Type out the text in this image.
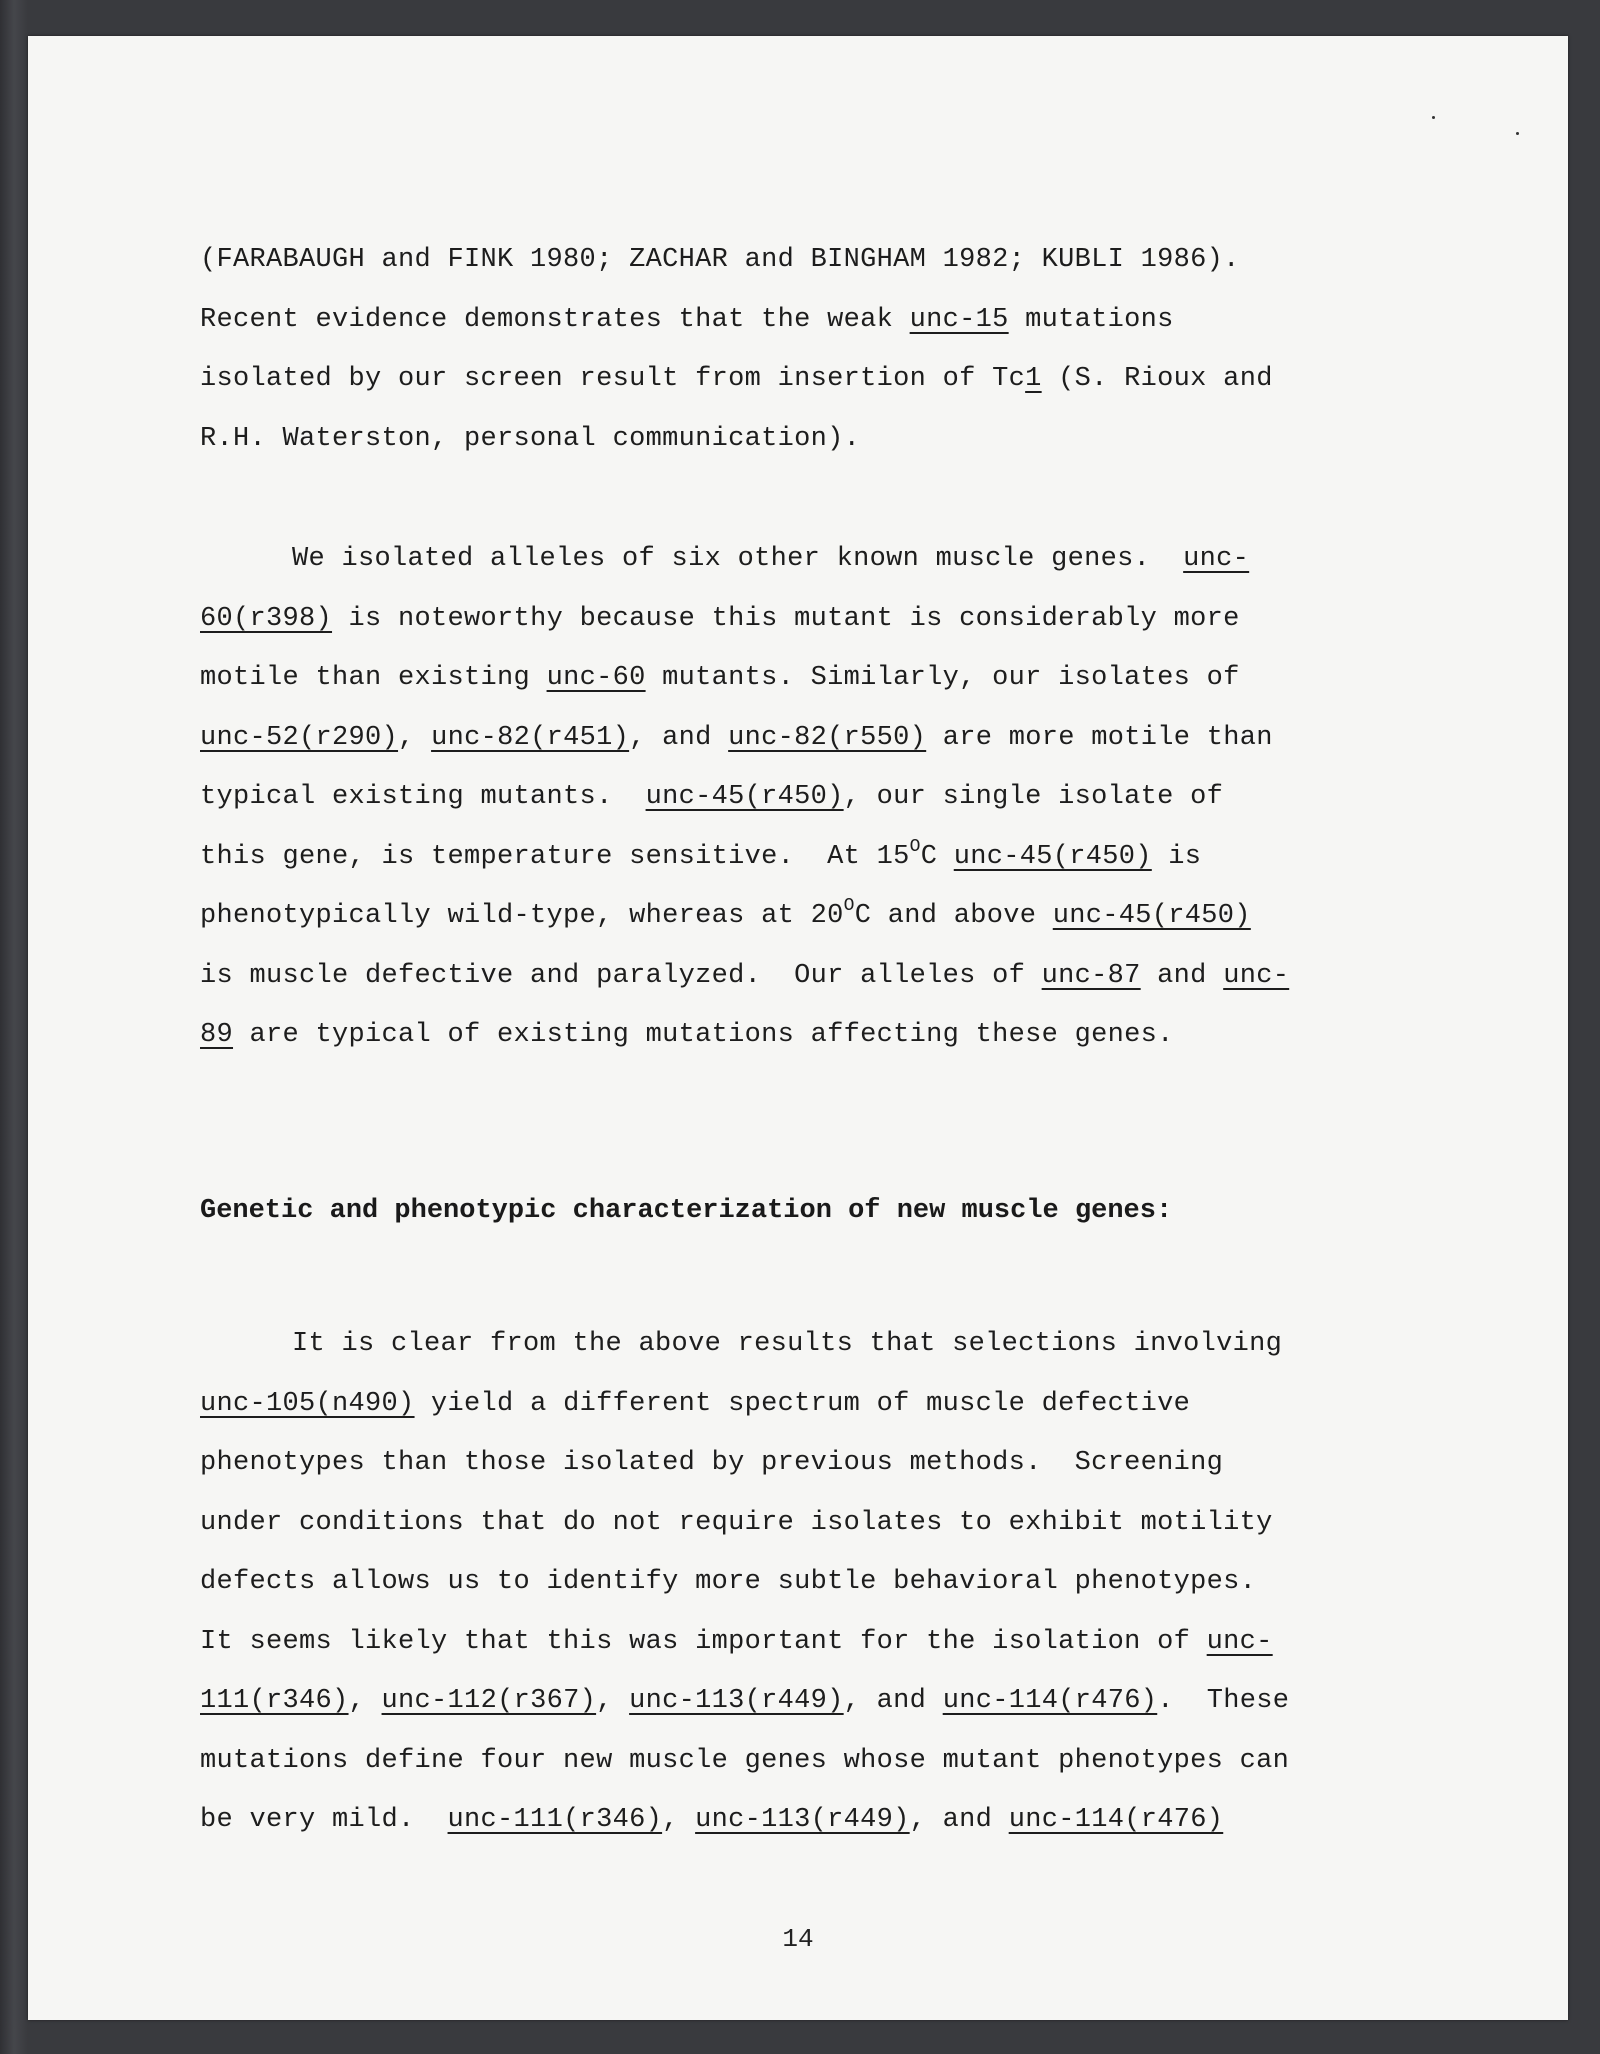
(FARABAUGH and FINK 1980; ZACHAR and BINGHAM 1982; KUBLI 1986).
Recent evidence demonstrates that the weak unc-15 mutations
isolated by our screen result from insertion of Tc1 (S. Rioux and
R.H. Waterston, personal communication).
We isolated alleles of six other known muscle genes.  unc-
60(r398) is noteworthy because this mutant is considerably more
motile than existing unc-60 mutants. Similarly, our isolates of
unc-52(r290), unc-82(r451), and unc-82(r550) are more motile than
typical existing mutants.  unc-45(r450), our single isolate of
this gene, is temperature sensitive.  At $15^OC$ unc-45(r450) is
phenotypically wild-type, whereas at $20^OC$ and above unc-45(r450)
is muscle defective and paralyzed.  Our alleles of unc-87 and unc-
89 are typical of existing mutations affecting these genes.
Genetic and phenotypic characterization of new muscle genes:
It is clear from the above results that selections involving
unc-105(n490) yield a different spectrum of muscle defective
phenotypes than those isolated by previous methods.  Screening
under conditions that do not require isolates to exhibit motility
defects allows us to identify more subtle behavioral phenotypes.
It seems likely that this was important for the isolation of unc-
111(r346), unc-112(r367), unc-113(r449), and unc-114(r476).  These
mutations define four new muscle genes whose mutant phenotypes can
be very mild.  unc-111(r346), unc-113(r449), and unc-114(r476)
14
